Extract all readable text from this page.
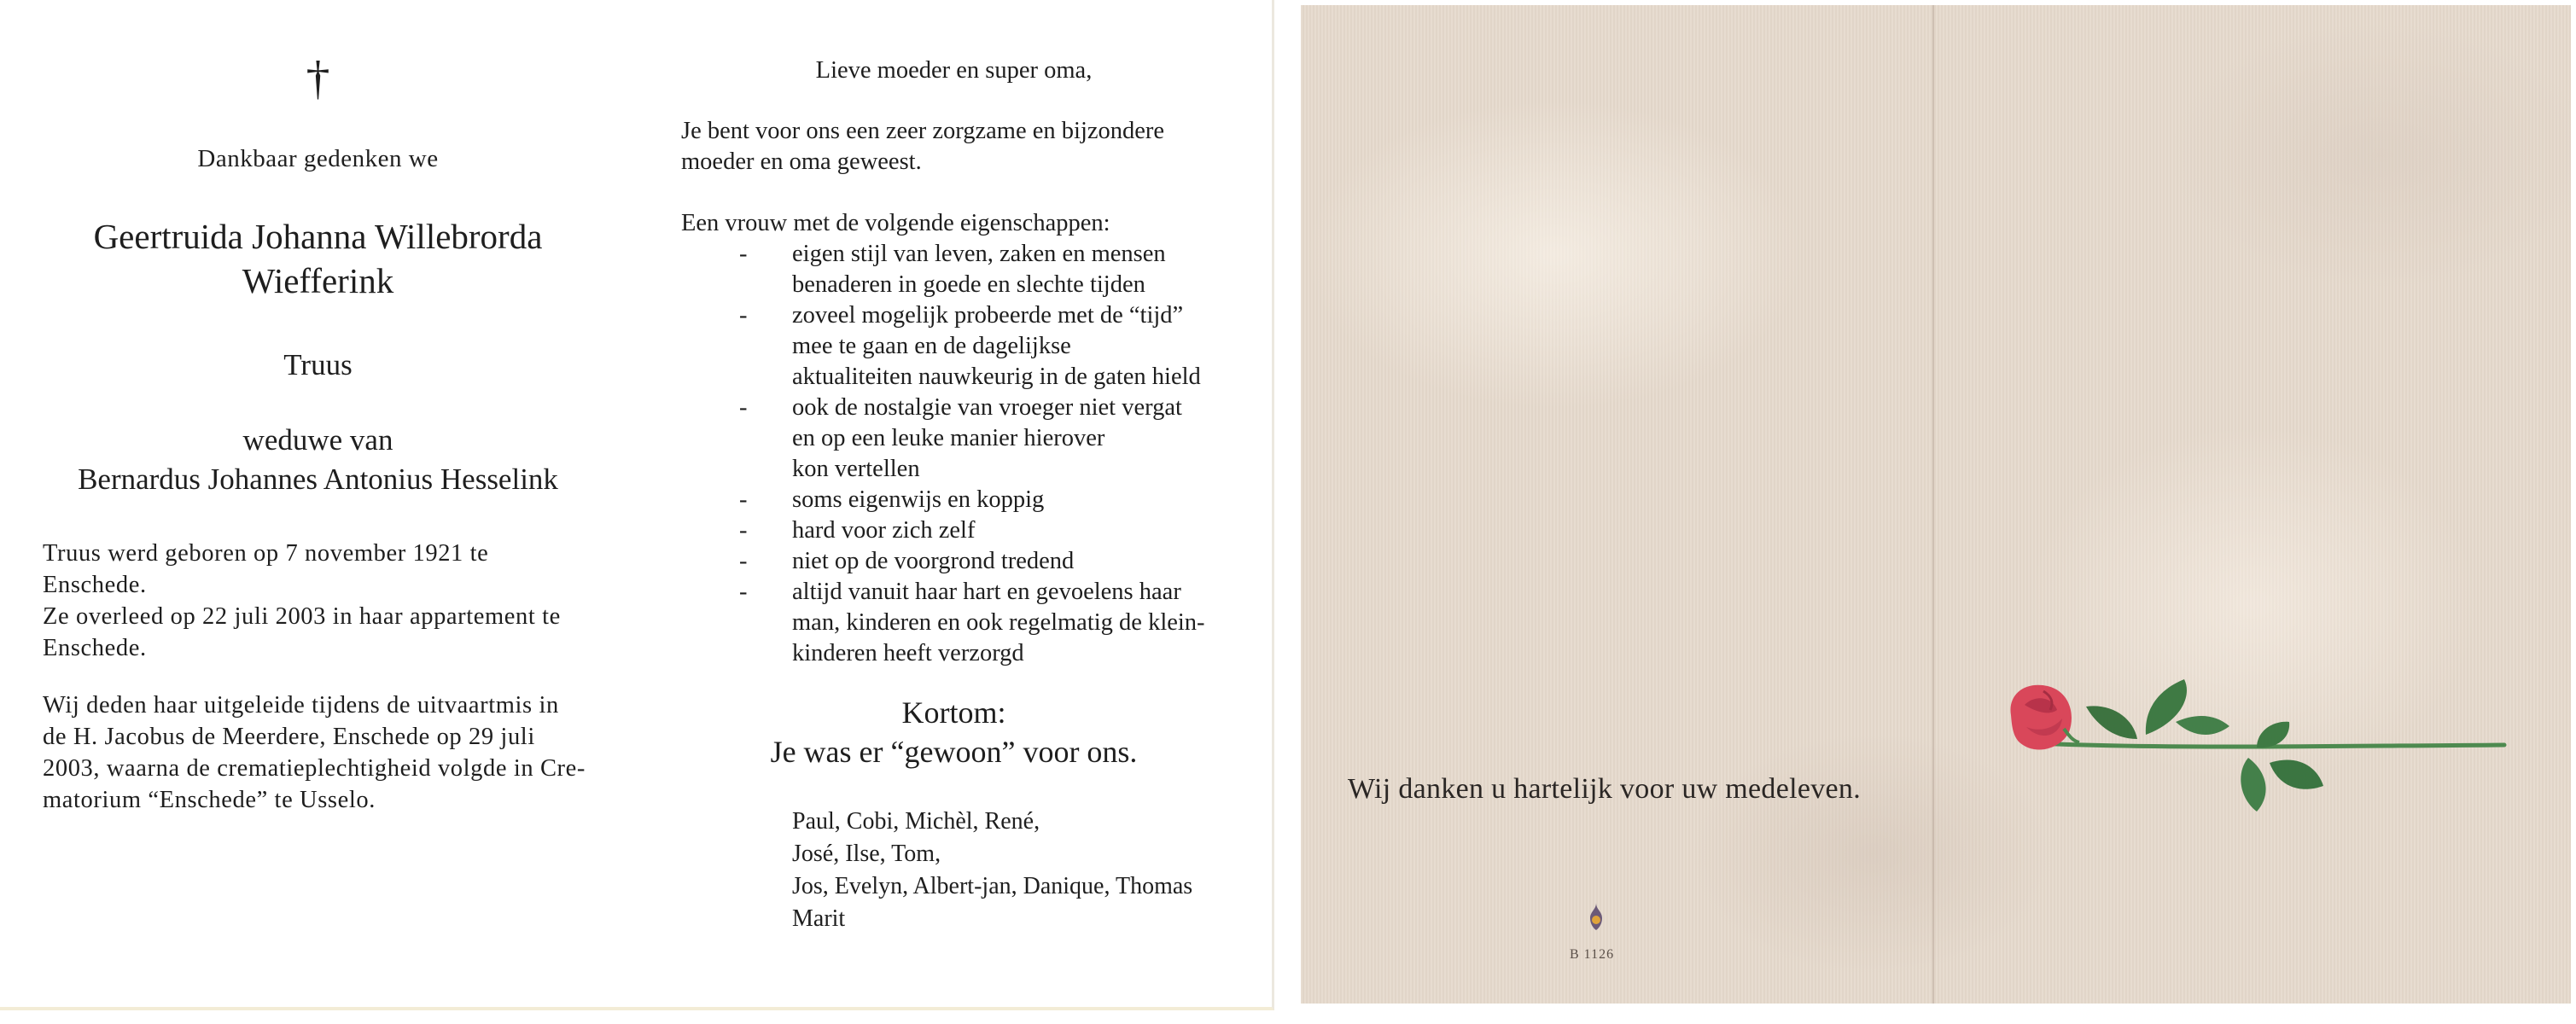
†
Dankbaar gedenken we
Geertruida Johanna Willebrorda
Wiefferink
Truus
weduwe van
Bernardus Johannes Antonius Hesselink
Truus werd geboren op 7 november 1921 te
Enschede.
Ze overleed op 22 juli 2003 in haar appartement te
Enschede.
Wij deden haar uitgeleide tijdens de uitvaartmis in
de H. Jacobus de Meerdere, Enschede op 29 juli
2003, waarna de crematieplechtigheid volgde in Cre-
matorium “Enschede” te Usselo.
Lieve moeder en super oma,
Je bent voor ons een zeer zorgzame en bijzondere
moeder en oma geweest.
Een vrouw met de volgende eigenschappen:
- eigen stijl van leven, zaken en mensen
benaderen in goede en slechte tijden
- zoveel mogelijk probeerde met de “tijd”
mee te gaan en de dagelijkse
aktualiteiten nauwkeurig in de gaten hield
- ook de nostalgie van vroeger niet vergat
en op een leuke manier hierover
kon vertellen
- soms eigenwijs en koppig
- hard voor zich zelf
- niet op de voorgrond tredend
- altijd vanuit haar hart en gevoelens haar
man, kinderen en ook regelmatig de klein-
kinderen heeft verzorgd
Kortom:
Je was er “gewoon” voor ons.
Paul, Cobi, Michèl, René,
José, Ilse, Tom,
Jos, Evelyn, Albert-jan, Danique, Thomas
Marit
Wij danken u hartelijk voor uw medeleven.
B 1126
